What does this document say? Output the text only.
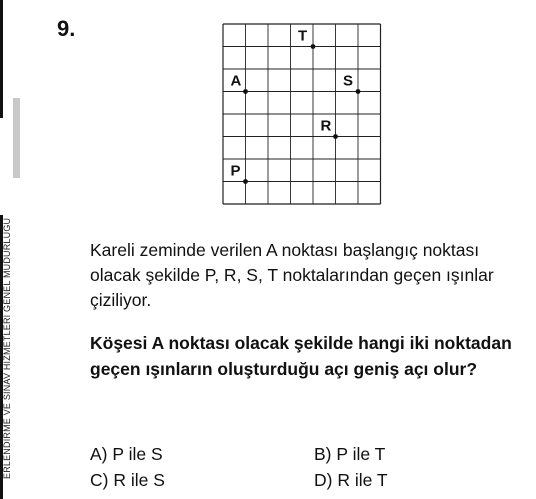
ERLENDİRME VE SINAV HİZMETLERİ GENEL MÜDÜRLÜĞÜ
9.	T
A	S
R
P
Kareli zeminde verilen A noktası başlangıç noktası olacak şekilde P, R, S, T noktalarından geçen ışınlar çiziliyor.
Köşesi A noktası olacak şekilde hangi iki noktadan geçen ışınların oluşturduğu açı geniş açı olur?
A) P ile S	B) P ile T
C) R ile S	D) R ile T
